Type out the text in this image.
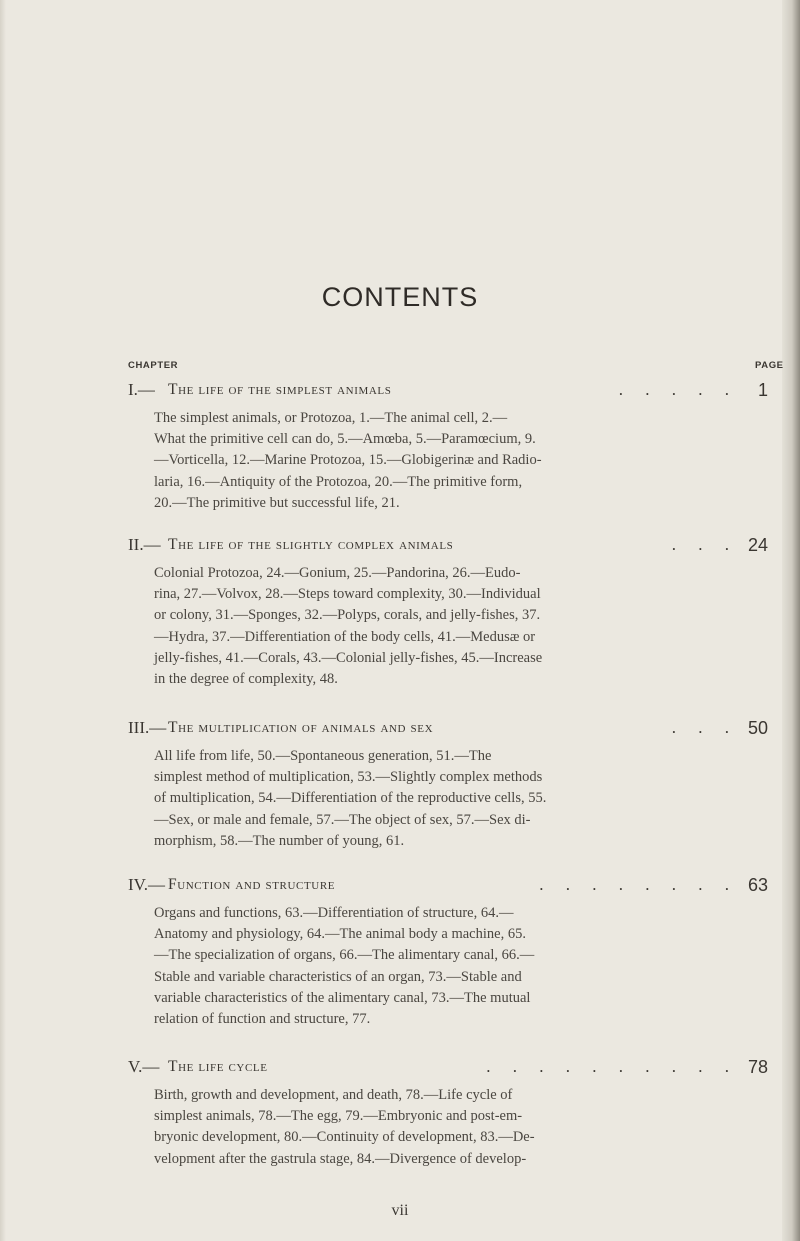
CONTENTS
CHAPTER	PAGE
I.— The life of the simplest animals	. . . . . 1
The simplest animals, or Protozoa, 1.—The animal cell, 2.—
What the primitive cell can do, 5.—Amœba, 5.—Paramœcium, 9.
—Vorticella, 12.—Marine Protozoa, 15.—Globigerinæ and Radio-
laria, 16.—Antiquity of the Protozoa, 20.—The primitive form,
20.—The primitive but successful life, 21.
II.— The life of the slightly complex animals	. . . 24
Colonial Protozoa, 24.—Gonium, 25.—Pandorina, 26.—Eudo-
rina, 27.—Volvox, 28.—Steps toward complexity, 30.—Individual
or colony, 31.—Sponges, 32.—Polyps, corals, and jelly-fishes, 37.
—Hydra, 37.—Differentiation of the body cells, 41.—Medusæ or
jelly-fishes, 41.—Corals, 43.—Colonial jelly-fishes, 45.—Increase
in the degree of complexity, 48.
III.— The multiplication of animals and sex	. . . 50
All life from life, 50.—Spontaneous generation, 51.—The
simplest method of multiplication, 53.—Slightly complex methods
of multiplication, 54.—Differentiation of the reproductive cells, 55.
—Sex, or male and female, 57.—The object of sex, 57.—Sex di-
morphism, 58.—The number of young, 61.
IV.— Function and structure	. . . . . . . . 63
Organs and functions, 63.—Differentiation of structure, 64.—
Anatomy and physiology, 64.—The animal body a machine, 65.
—The specialization of organs, 66.—The alimentary canal, 66.—
Stable and variable characteristics of an organ, 73.—Stable and
variable characteristics of the alimentary canal, 73.—The mutual
relation of function and structure, 77.
V.— The life cycle	. . . . . . . . . . 78
Birth, growth and development, and death, 78.—Life cycle of
simplest animals, 78.—The egg, 79.—Embryonic and post-em-
bryonic development, 80.—Continuity of development, 83.—De-
velopment after the gastrula stage, 84.—Divergence of develop-
vii
